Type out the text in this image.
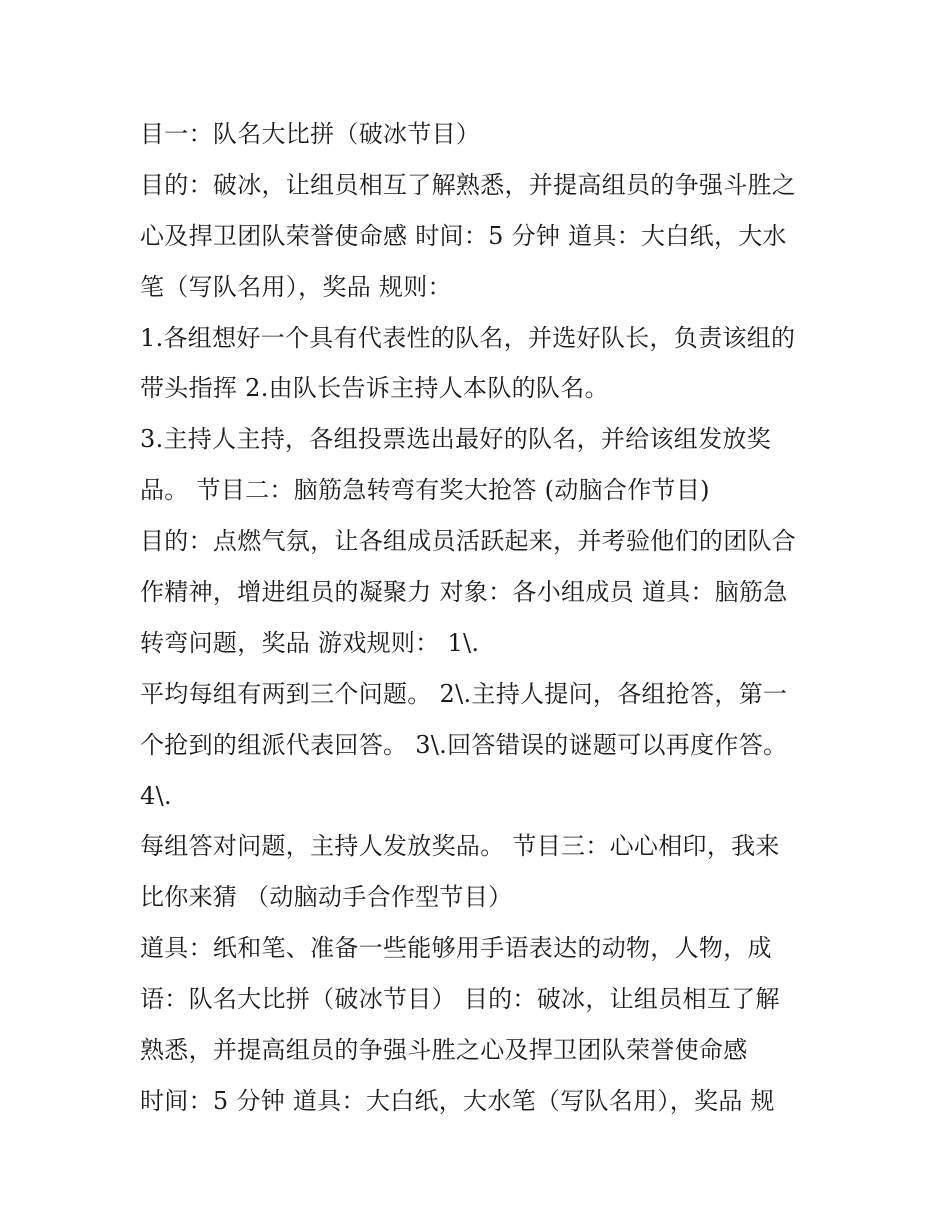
目一：队名大比拼（破冰节目）
目的：破冰，让组员相互了解熟悉，并提高组员的争强斗胜之
心及捍卫团队荣誉使命感 时间：5 分钟 道具：大白纸，大水
笔（写队名用），奖品 规则：
1.各组想好一个具有代表性的队名，并选好队长，负责该组的
带头指挥 2.由队长告诉主持人本队的队名。
3.主持人主持，各组投票选出最好的队名，并给该组发放奖
品。 节目二：脑筋急转弯有奖大抢答 (动脑合作节目)
目的：点燃气氛，让各组成员活跃起来，并考验他们的团队合
作精神，增进组员的凝聚力 对象：各小组成员 道具：脑筋急
转弯问题，奖品 游戏规则： 1\.
平均每组有两到三个问题。 2\.主持人提问，各组抢答，第一
个抢到的组派代表回答。 3\.回答错误的谜题可以再度作答。
4\.
每组答对问题，主持人发放奖品。 节目三：心心相印，我来
比你来猜 （动脑动手合作型节目）
道具：纸和笔、准备一些能够用手语表达的动物，人物，成
语：队名大比拼（破冰节目） 目的：破冰，让组员相互了解
熟悉，并提高组员的争强斗胜之心及捍卫团队荣誉使命感
时间：5 分钟 道具：大白纸，大水笔（写队名用），奖品 规
